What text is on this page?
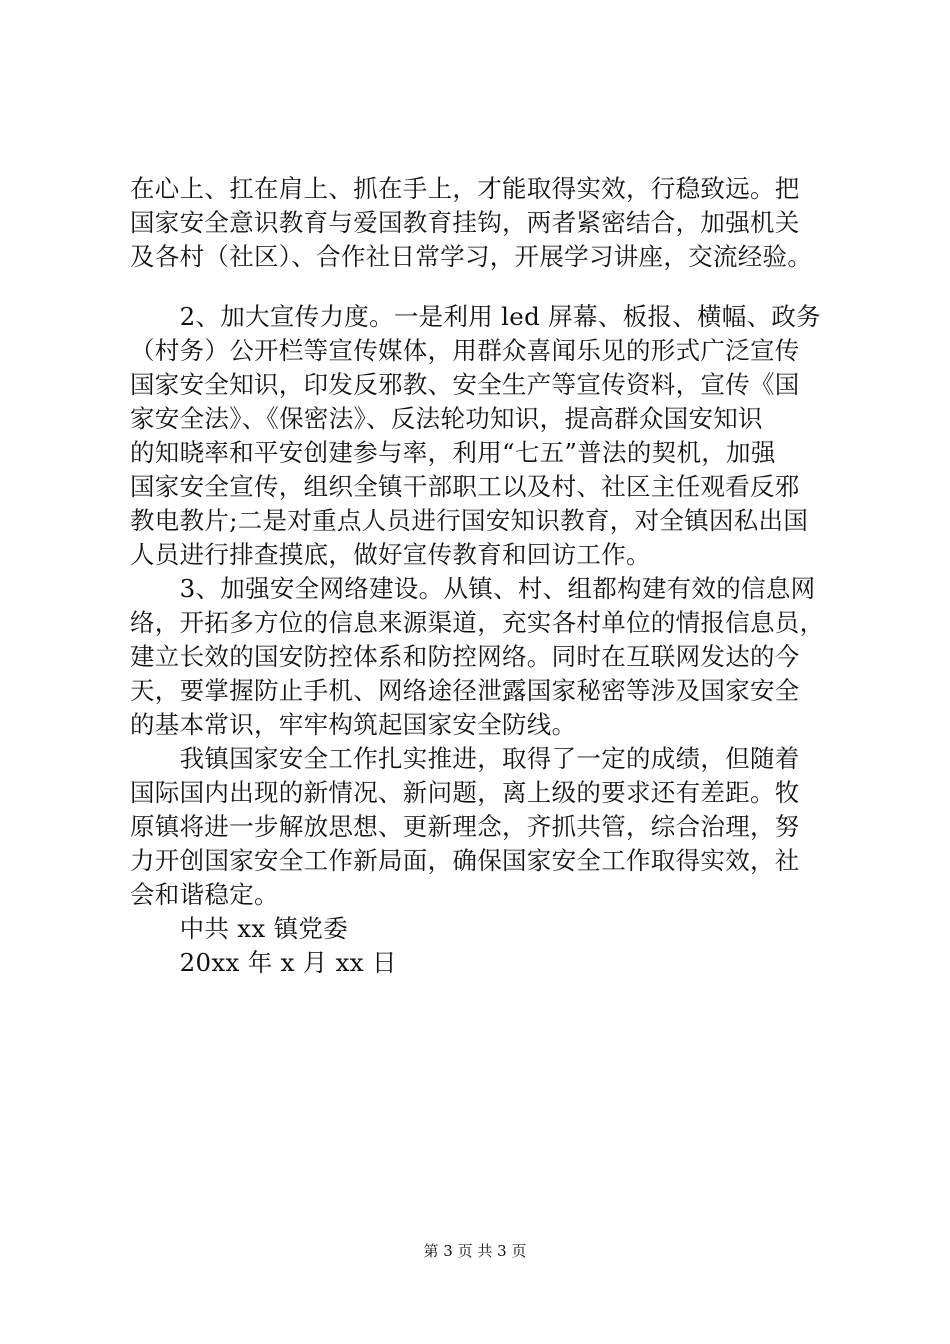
在心上、扛在肩上、抓在手上，才能取得实效，行稳致远。把
国家安全意识教育与爱国教育挂钩，两者紧密结合，加强机关
及各村（社区）、合作社日常学习，开展学习讲座，交流经验。
　　2、加大宣传力度。一是利用 led 屏幕、板报、横幅、政务
（村务）公开栏等宣传媒体，用群众喜闻乐见的形式广泛宣传
国家安全知识，印发反邪教、安全生产等宣传资料，宣传《国
家安全法》、《保密法》、反法轮功知识，提高群众国安知识
的知晓率和平安创建参与率，利用“七五”普法的契机，加强
国家安全宣传，组织全镇干部职工以及村、社区主任观看反邪
教电教片;二是对重点人员进行国安知识教育，对全镇因私出国
人员进行排查摸底，做好宣传教育和回访工作。
　　3、加强安全网络建设。从镇、村、组都构建有效的信息网
络，开拓多方位的信息来源渠道，充实各村单位的情报信息员，
建立长效的国安防控体系和防控网络。同时在互联网发达的今
天，要掌握防止手机、网络途径泄露国家秘密等涉及国家安全
的基本常识，牢牢构筑起国家安全防线。
　　我镇国家安全工作扎实推进，取得了一定的成绩，但随着
国际国内出现的新情况、新问题，离上级的要求还有差距。牧
原镇将进一步解放思想、更新理念，齐抓共管，综合治理，努
力开创国家安全工作新局面，确保国家安全工作取得实效，社
会和谐稳定。
　　中共 xx 镇党委
　　20xx 年 x 月 xx 日
第 3 页 共 3 页
